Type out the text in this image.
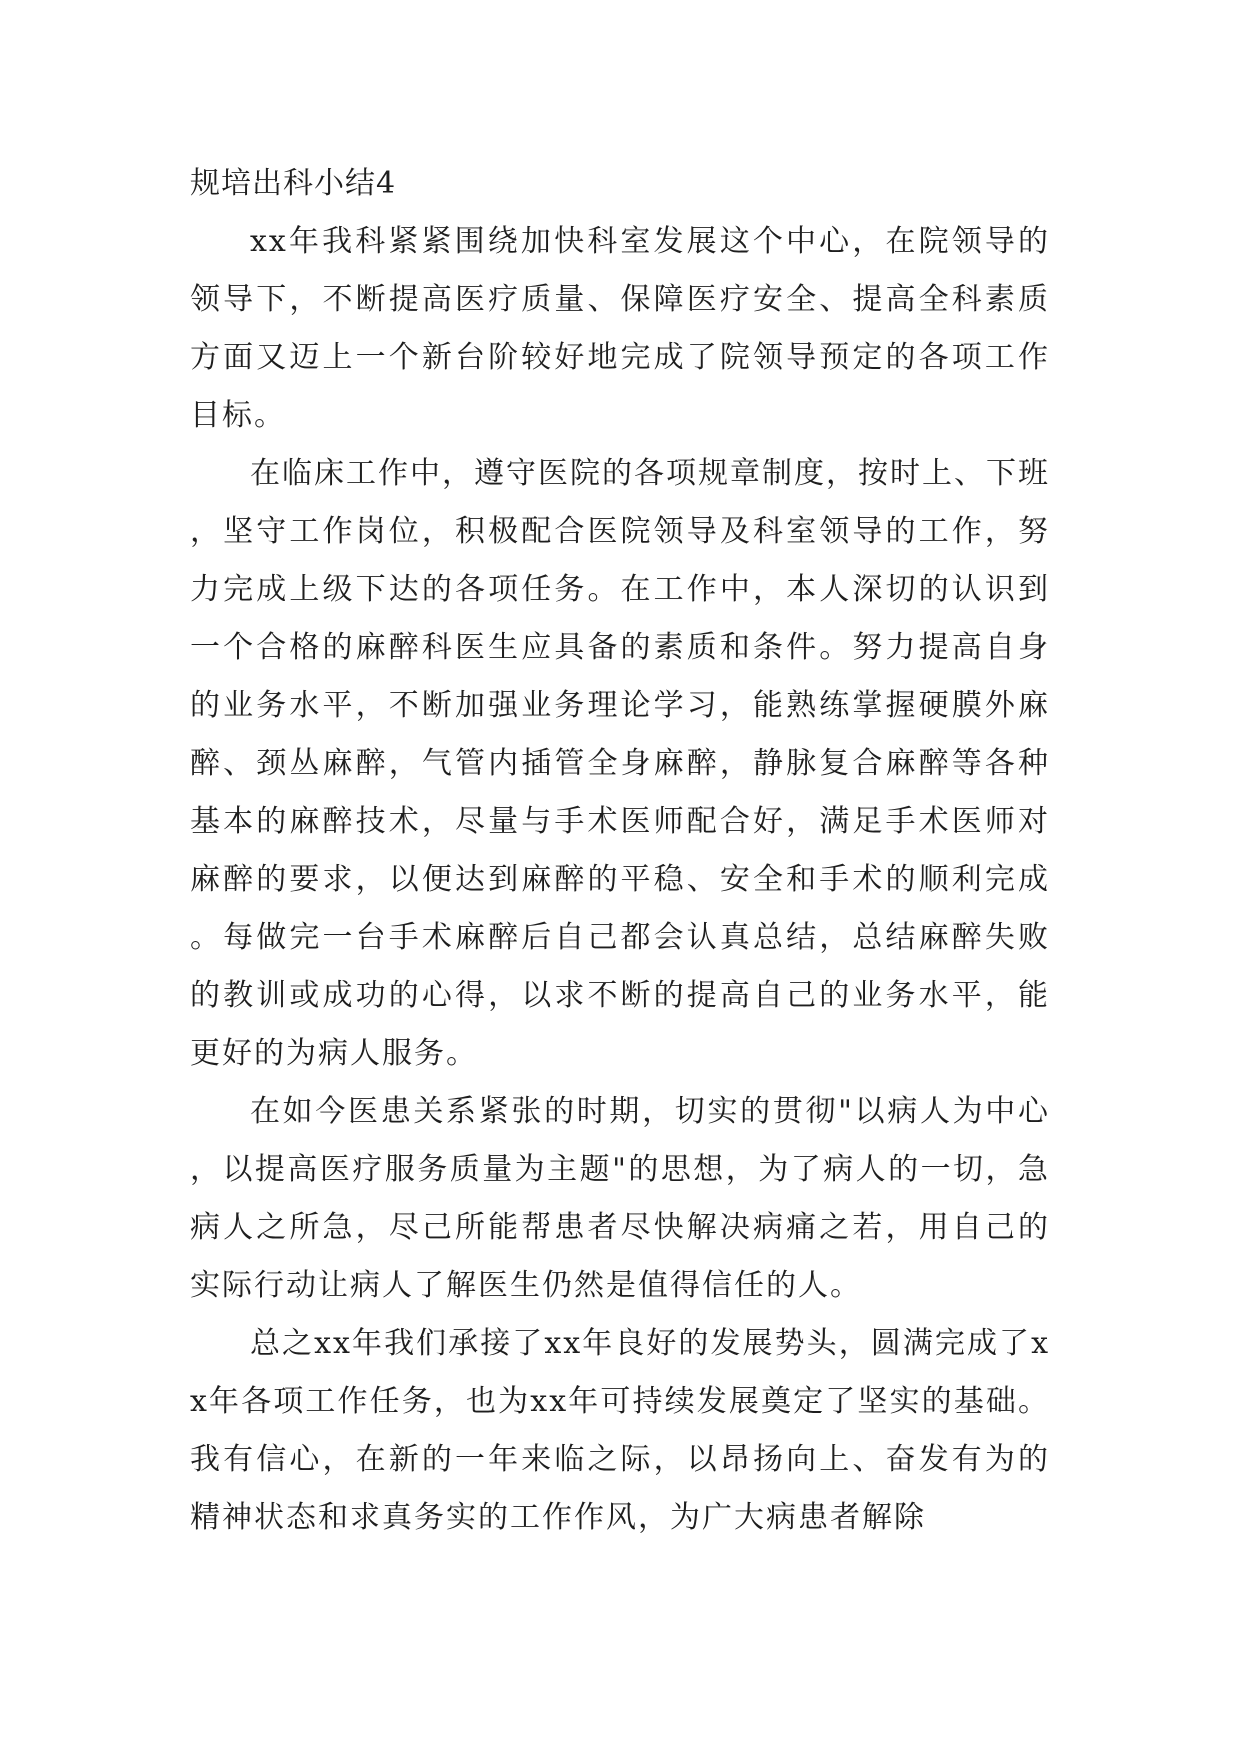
规培出科小结4

xx年我科紧紧围绕加快科室发展这个中心，在院领导的领导下，不断提高医疗质量、保障医疗安全、提高全科素质方面又迈上一个新台阶较好地完成了院领导预定的各项工作目标。

在临床工作中，遵守医院的各项规章制度，按时上、下班，坚守工作岗位，积极配合医院领导及科室领导的工作，努力完成上级下达的各项任务。在工作中，本人深切的认识到一个合格的麻醉科医生应具备的素质和条件。努力提高自身的业务水平，不断加强业务理论学习，能熟练掌握硬膜外麻醉、颈丛麻醉，气管内插管全身麻醉，静脉复合麻醉等各种基本的麻醉技术，尽量与手术医师配合好，满足手术医师对麻醉的要求，以便达到麻醉的平稳、安全和手术的顺利完成。每做完一台手术麻醉后自己都会认真总结，总结麻醉失败的教训或成功的心得，以求不断的提高自己的业务水平，能更好的为病人服务。

在如今医患关系紧张的时期，切实的贯彻"以病人为中心，以提高医疗服务质量为主题"的思想，为了病人的一切，急病人之所急，尽己所能帮患者尽快解决病痛之若，用自己的实际行动让病人了解医生仍然是值得信任的人。

总之xx年我们承接了xx年良好的发展势头，圆满完成了xx年各项工作任务，也为xx年可持续发展奠定了坚实的基础。我有信心，在新的一年来临之际，以昂扬向上、奋发有为的精神状态和求真务实的工作作风，为广大病患者解除
